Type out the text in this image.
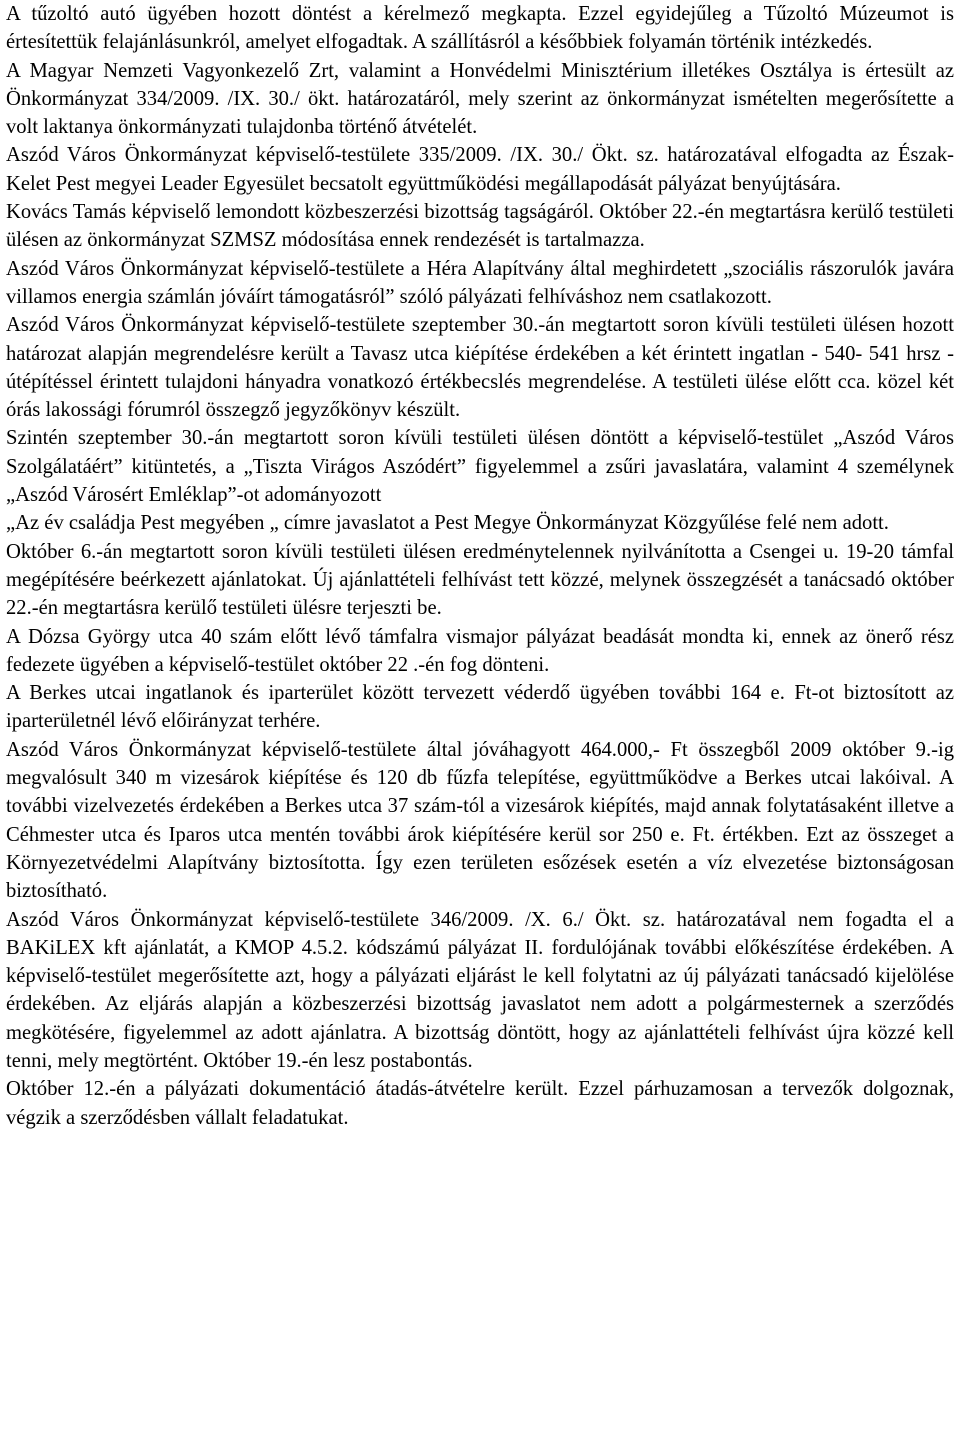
A tűzoltó autó ügyében hozott döntést a kérelmező megkapta. Ezzel egyidejűleg a Tűzoltó Múzeumot is értesítettük felajánlásunkról, amelyet elfogadtak. A szállításról a későbbiek folyamán történik intézkedés.

A Magyar Nemzeti Vagyonkezelő Zrt, valamint a Honvédelmi Minisztérium illetékes Osztálya is értesült az Önkormányzat 334/2009. /IX. 30./ ökt. határozatáról, mely szerint az önkormányzat ismételten megerősítette a volt laktanya önkormányzati tulajdonba történő átvételét.

Aszód Város Önkormányzat képviselő-testülete 335/2009. /IX. 30./ Ökt. sz. határozatával elfogadta az Észak-Kelet Pest megyei Leader Egyesület becsatolt együttműködési megállapodását pályázat benyújtására.

Kovács Tamás képviselő lemondott közbeszerzési bizottság tagságáról. Október 22.-én megtartásra kerülő testületi ülésen az önkormányzat SZMSZ módosítása ennek rendezését is tartalmazza.

Aszód Város Önkormányzat képviselő-testülete a Héra Alapítvány által meghirdetett „szociális rászorulók javára villamos energia számlán jóváírt támogatásról” szóló pályázati felhíváshoz nem csatlakozott.

Aszód Város Önkormányzat képviselő-testülete szeptember 30.-án megtartott soron kívüli testületi ülésen hozott határozat alapján megrendelésre került a Tavasz utca kiépítése érdekében a két érintett ingatlan - 540- 541 hrsz - útépítéssel érintett tulajdoni hányadra vonatkozó értékbecslés megrendelése. A testületi ülése előtt cca. közel két órás lakossági fórumról összegző jegyzőkönyv készült.

Szintén szeptember 30.-án megtartott soron kívüli testületi ülésen döntött a képviselő-testület „Aszód Város Szolgálatáért” kitüntetés, a „Tiszta Virágos Aszódért” figyelemmel a zsűri javaslatára, valamint 4 személynek „Aszód Városért Emléklap”-ot adományozott

„Az év családja Pest megyében „ címre javaslatot a Pest Megye Önkormányzat Közgyűlése felé nem adott.

Október 6.-án megtartott soron kívüli testületi ülésen eredménytelennek nyilvánította a Csengei u. 19-20 támfal megépítésére beérkezett ajánlatokat. Új ajánlattételi felhívást tett közzé, melynek összegzését a tanácsadó október 22.-én megtartásra kerülő testületi ülésre terjeszti be.

A Dózsa György utca 40 szám előtt lévő támfalra vismajor pályázat beadását mondta ki, ennek az önerő rész fedezete ügyében a képviselő-testület október 22 .-én fog dönteni.

A Berkes utcai ingatlanok és iparterület között tervezett véderdő ügyében további 164 e. Ft-ot biztosított az iparterületnél lévő előirányzat terhére.

Aszód Város Önkormányzat képviselő-testülete által jóváhagyott 464.000,- Ft összegből 2009 október 9.-ig megvalósult 340 m vizesárok kiépítése és 120 db fűzfa telepítése, együttműködve a Berkes utcai lakóival. A további vizelvezetés érdekében a Berkes utca 37 szám-tól a vizesárok kiépítés, majd annak folytatásaként illetve a Céhmester utca és Iparos utca mentén további árok kiépítésére kerül sor 250 e. Ft. értékben. Ezt az összeget a Környezetvédelmi Alapítvány biztosította. Így ezen területen esőzések esetén a víz elvezetése biztonságosan biztosítható.

Aszód Város Önkormányzat képviselő-testülete 346/2009. /X. 6./ Ökt. sz. határozatával nem fogadta el a BAKiLEX kft ajánlatát, a KMOP 4.5.2. kódszámú pályázat II. fordulójának további előkészítése érdekében. A képviselő-testület megerősítette azt, hogy a pályázati eljárást le kell folytatni az új pályázati tanácsadó kijelölése érdekében. Az eljárás alapján a közbeszerzési bizottság javaslatot nem adott a polgármesternek a szerződés megkötésére, figyelemmel az adott ajánlatra. A bizottság döntött, hogy az ajánlattételi felhívást újra közzé kell tenni, mely megtörtént. Október 19.-én lesz postabontás.

Október 12.-én a pályázati dokumentáció átadás-átvételre került. Ezzel párhuzamosan a tervezők dolgoznak, végzik a szerződésben vállalt feladatukat.
